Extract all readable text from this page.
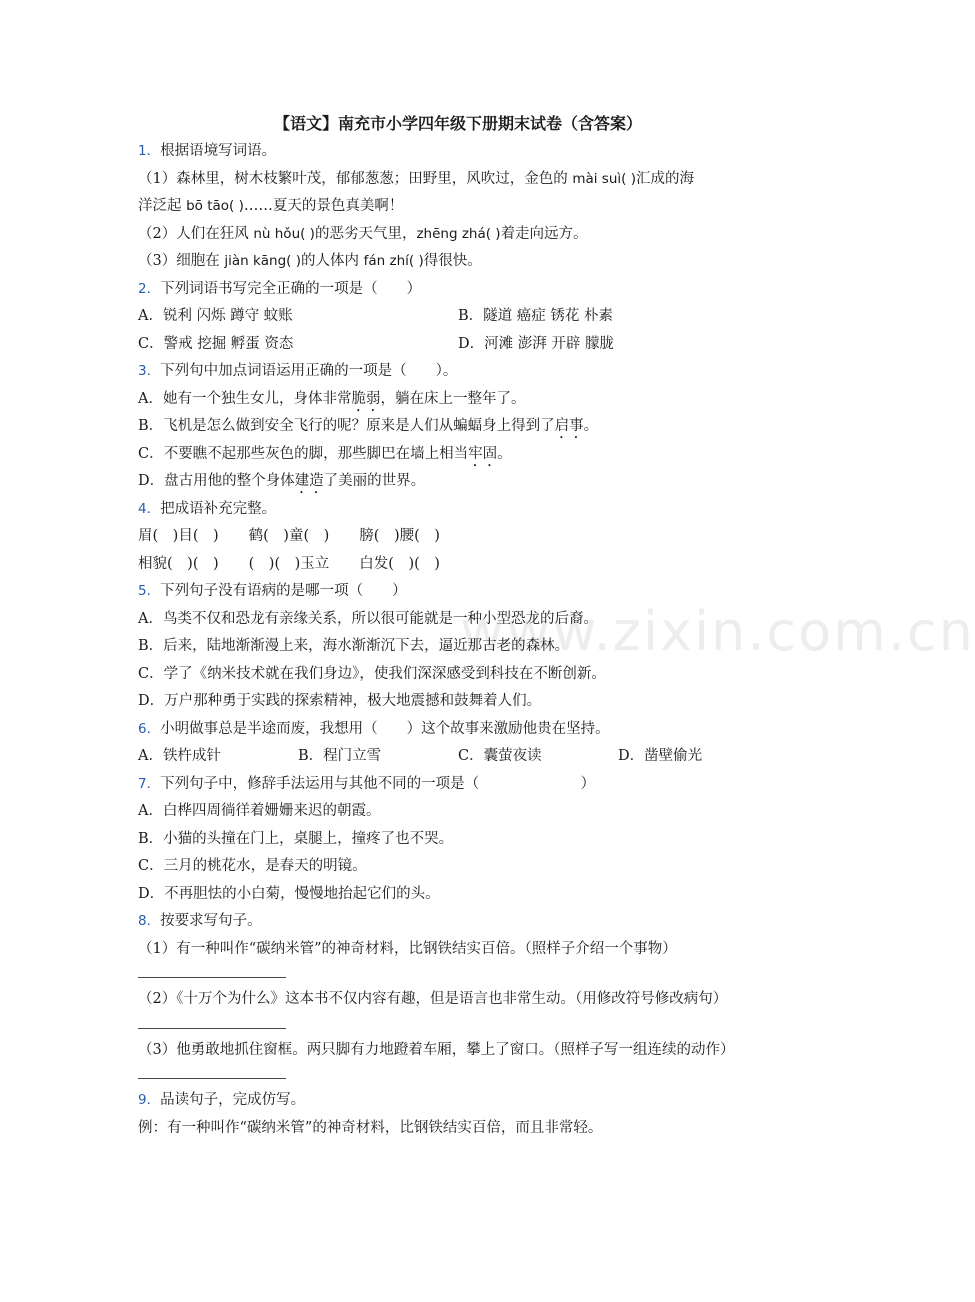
www.zixin.com.cn
【语文】南充市小学四年级下册期末试卷（含答案）
1．根据语境写词语。
（1）森林里，树木枝繁叶茂，郁郁葱葱；田野里，风吹过，金色的 mài suì( )汇成的海
洋泛起 bō tāo( )……夏天的景色真美啊！
（2）人们在狂风 nù hǒu( )的恶劣天气里，zhēng zhá( )着走向远方。
（3）细胞在 jiàn kāng( )的人体内 fán zhí( )得很快。
2．下列词语书写完全正确的一项是（　　）
A．锐利 闪烁 蹲守 蚊账	B．隧道 癌症 锈花 朴素
C．警戒 挖掘 孵蛋 资态	D．河滩 澎湃 开辟 朦胧
3．下列句中加点词语运用正确的一项是（　　）。
A．她有一个独生女儿，身体非常脆弱，躺在床上一整年了。
B．飞机是怎么做到安全飞行的呢？原来是人们从蝙蝠身上得到了启事。
C．不要瞧不起那些灰色的脚，那些脚巴在墙上相当牢固。
D．盘古用他的整个身体建造了美丽的世界。
4．把成语补充完整。
眉(　)目(　) 鹤(　)童(　) 膀(　)腰(　)
相貌(　)(　) (　)(　)玉立 白发(　)(　)
5．下列句子没有语病的是哪一项（　　）
A．鸟类不仅和恐龙有亲缘关系，所以很可能就是一种小型恐龙的后裔。
B．后来，陆地渐渐漫上来，海水渐渐沉下去，逼近那古老的森林。
C．学了《纳米技术就在我们身边》，使我们深深感受到科技在不断创新。
D．万户那种勇于实践的探索精神，极大地震撼和鼓舞着人们。
6．小明做事总是半途而废，我想用（　　）这个故事来激励他贵在坚持。
A．铁杵成针	B．程门立雪	C．囊萤夜读	D．凿壁偷光
7．下列句子中，修辞手法运用与其他不同的一项是（　　　　　　　）
A．白桦四周徜徉着姗姗来迟的朝霞。
B．小猫的头撞在门上，桌腿上，撞疼了也不哭。
C．三月的桃花水，是春天的明镜。
D．不再胆怯的小白菊，慢慢地抬起它们的头。
8．按要求写句子。
（1）有一种叫作“碳纳米管”的神奇材料，比钢铁结实百倍。（照样子介绍一个事物）
（2）《十万个为什么》这本书不仅内容有趣，但是语言也非常生动。（用修改符号修改病句）
（3）他勇敢地抓住窗框。两只脚有力地蹬着车厢，攀上了窗口。（照样子写一组连续的动作）
9．品读句子，完成仿写。
例：有一种叫作“碳纳米管”的神奇材料，比钢铁结实百倍，而且非常轻。
